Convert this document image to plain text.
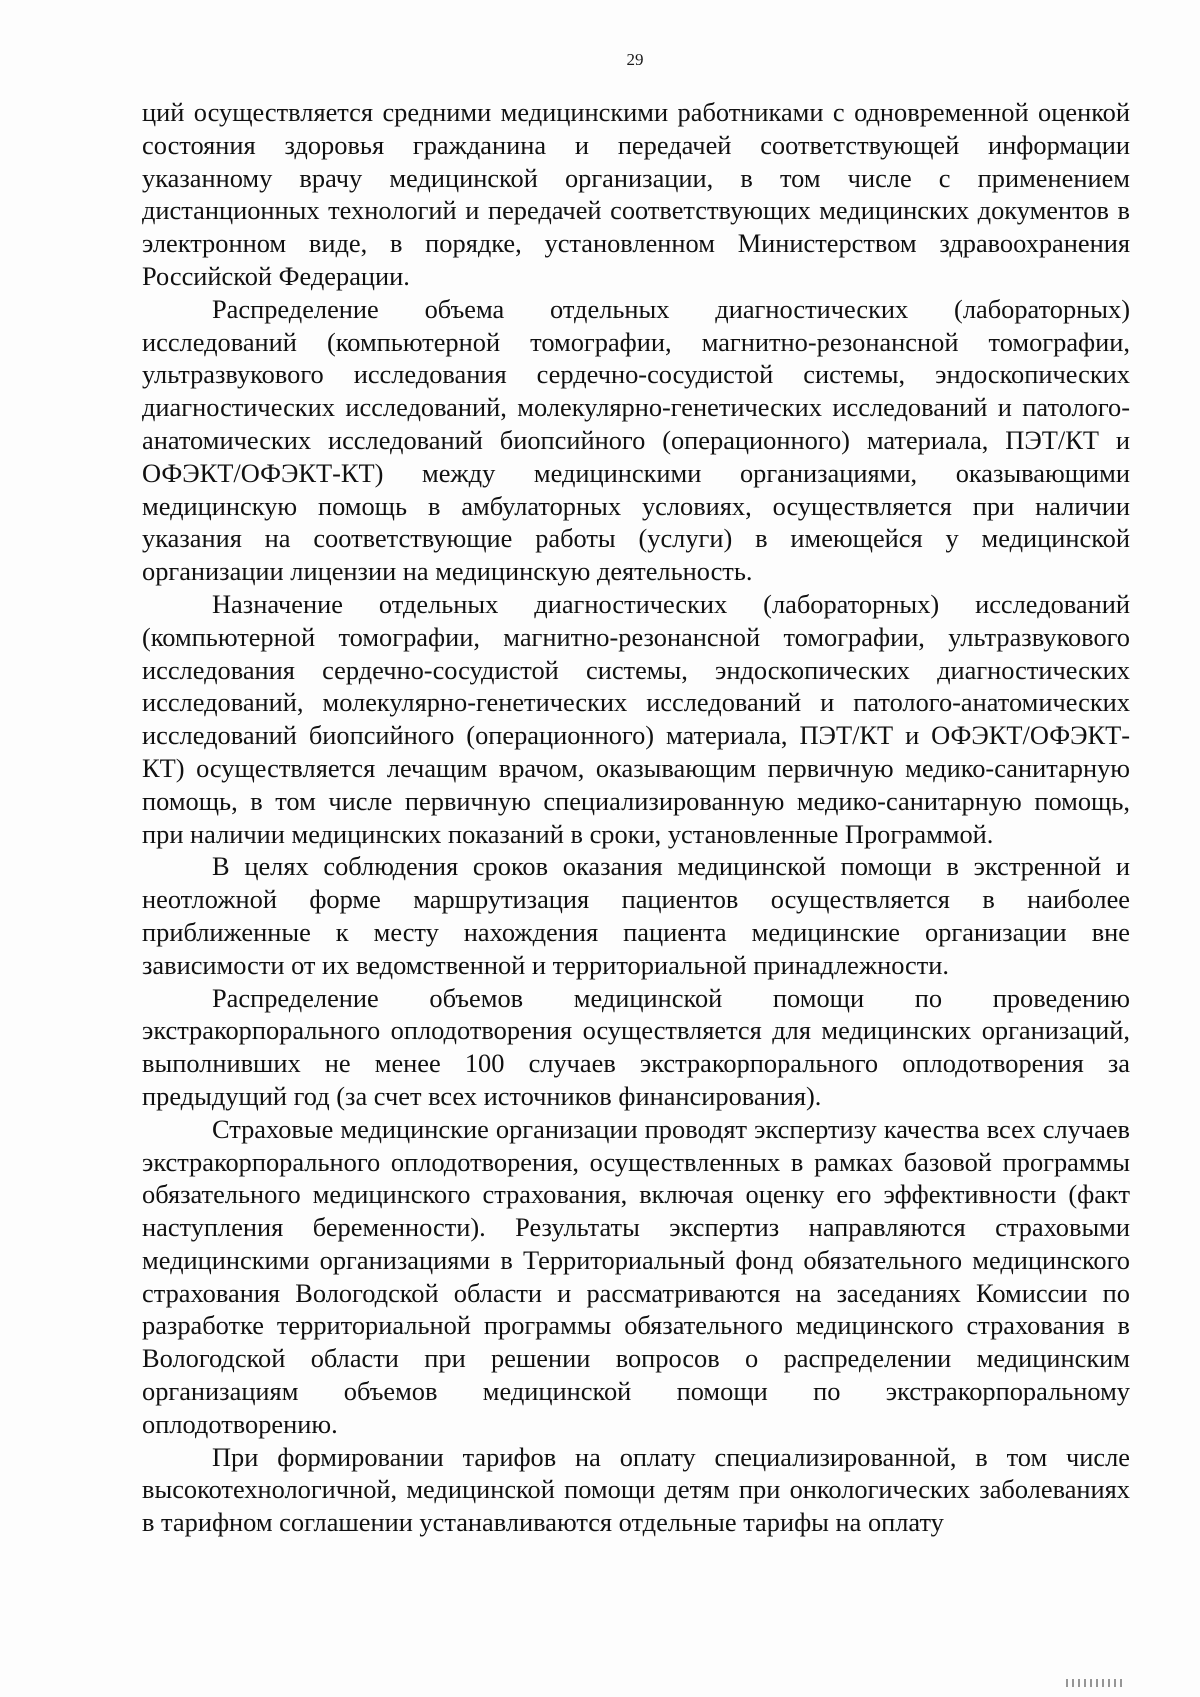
29

ций осуществляется средними медицинскими работниками с одновременной оценкой состояния здоровья гражданина и передачей соответствующей информации указанному врачу медицинской организации, в том числе с применением дистанционных технологий и передачей соответствующих медицинских документов в электронном виде, в порядке, установленном Министерством здравоохранения Российской Федерации.

Распределение объема отдельных диагностических (лабораторных) исследований (компьютерной томографии, магнитно-резонансной томографии, ультразвукового исследования сердечно-сосудистой системы, эндоскопических диагностических исследований, молекулярно-генетических исследований и патолого-анатомических исследований биопсийного (операционного) материала, ПЭТ/КТ и ОФЭКТ/ОФЭКТ-КТ) между медицинскими организациями, оказывающими медицинскую помощь в амбулаторных условиях, осуществляется при наличии указания на соответствующие работы (услуги) в имеющейся у медицинской организации лицензии на медицинскую деятельность.

Назначение отдельных диагностических (лабораторных) исследований (компьютерной томографии, магнитно-резонансной томографии, ультразвукового исследования сердечно-сосудистой системы, эндоскопических диагностических исследований, молекулярно-генетических исследований и патолого-анатомических исследований биопсийного (операционного) материала, ПЭТ/КТ и ОФЭКТ/ОФЭКТ-КТ) осуществляется лечащим врачом, оказывающим первичную медико-санитарную помощь, в том числе первичную специализированную медико-санитарную помощь, при наличии медицинских показаний в сроки, установленные Программой.

В целях соблюдения сроков оказания медицинской помощи в экстренной и неотложной форме маршрутизация пациентов осуществляется в наиболее приближенные к месту нахождения пациента медицинские организации вне зависимости от их ведомственной и территориальной принадлежности.

Распределение объемов медицинской помощи по проведению экстракорпорального оплодотворения осуществляется для медицинских организаций, выполнивших не менее 100 случаев экстракорпорального оплодотворения за предыдущий год (за счет всех источников финансирования).

Страховые медицинские организации проводят экспертизу качества всех случаев экстракорпорального оплодотворения, осуществленных в рамках базовой программы обязательного медицинского страхования, включая оценку его эффективности (факт наступления беременности). Результаты экспертиз направляются страховыми медицинскими организациями в Территориальный фонд обязательного медицинского страхования Вологодской области и рассматриваются на заседаниях Комиссии по разработке территориальной программы обязательного медицинского страхования в Вологодской области при решении вопросов о распределении медицинским организациям объемов медицинской помощи по экстракорпоральному оплодотворению.

При формировании тарифов на оплату специализированной, в том числе высокотехнологичной, медицинской помощи детям при онкологических заболеваниях в тарифном соглашении устанавливаются отдельные тарифы на оплату
